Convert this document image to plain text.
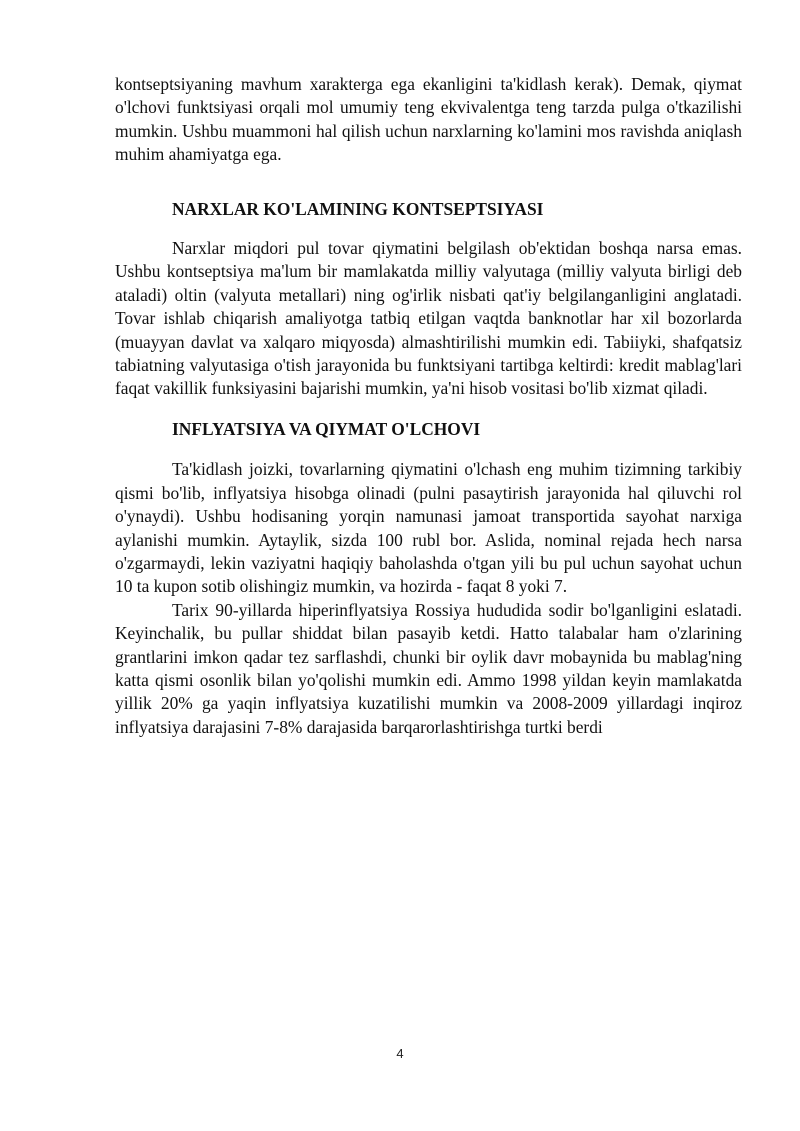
kontseptsiyaning mavhum xarakterga ega ekanligini ta'kidlash kerak). Demak, qiymat o'lchovi funktsiyasi orqali mol umumiy teng ekvivalentga teng tarzda pulga o'tkazilishi mumkin. Ushbu muammoni hal qilish uchun narxlarning ko'lamini mos ravishda aniqlash muhim ahamiyatga ega.

NARXLAR KO'LAMINING KONTSEPTSIYASI

Narxlar miqdori pul tovar qiymatini belgilash ob'ektidan boshqa narsa emas. Ushbu kontseptsiya ma'lum bir mamlakatda milliy valyutaga (milliy valyuta birligi deb ataladi) oltin (valyuta metallari) ning og'irlik nisbati qat'iy belgilanganligini anglatadi. Tovar ishlab chiqarish amaliyotga tatbiq etilgan vaqtda banknotlar har xil bozorlarda (muayyan davlat va xalqaro miqyosda) almashtirilishi mumkin edi. Tabiiyki, shafqatsiz tabiatning valyutasiga o'tish jarayonida bu funktsiyani tartibga keltirdi: kredit mablag'lari faqat vakillik funksiyasini bajarishi mumkin, ya'ni hisob vositasi bo'lib xizmat qiladi.

INFLYATSIYA VA QIYMAT O'LCHOVI

Ta'kidlash joizki, tovarlarning qiymatini o'lchash eng muhim tizimning tarkibiy qismi bo'lib, inflyatsiya hisobga olinadi (pulni pasaytirish jarayonida hal qiluvchi rol o'ynaydi). Ushbu hodisaning yorqin namunasi jamoat transportida sayohat narxiga aylanishi mumkin. Aytaylik, sizda 100 rubl bor. Aslida, nominal rejada hech narsa o'zgarmaydi, lekin vaziyatni haqiqiy baholashda o'tgan yili bu pul uchun sayohat uchun 10 ta kupon sotib olishingiz mumkin, va hozirda - faqat 8 yoki 7.

Tarix 90-yillarda hiperinflyatsiya Rossiya hududida sodir bo'lganligini eslatadi. Keyinchalik, bu pullar shiddat bilan pasayib ketdi. Hatto talabalar ham o'zlarining grantlarini imkon qadar tez sarflashdi, chunki bir oylik davr mobaynida bu mablag'ning katta qismi osonlik bilan yo'qolishi mumkin edi. Ammo 1998 yildan keyin mamlakatda yillik 20% ga yaqin inflyatsiya kuzatilishi mumkin va 2008-2009 yillardagi inqiroz inflyatsiya darajasini 7-8% darajasida barqarorlashtirishga turtki berdi

4
